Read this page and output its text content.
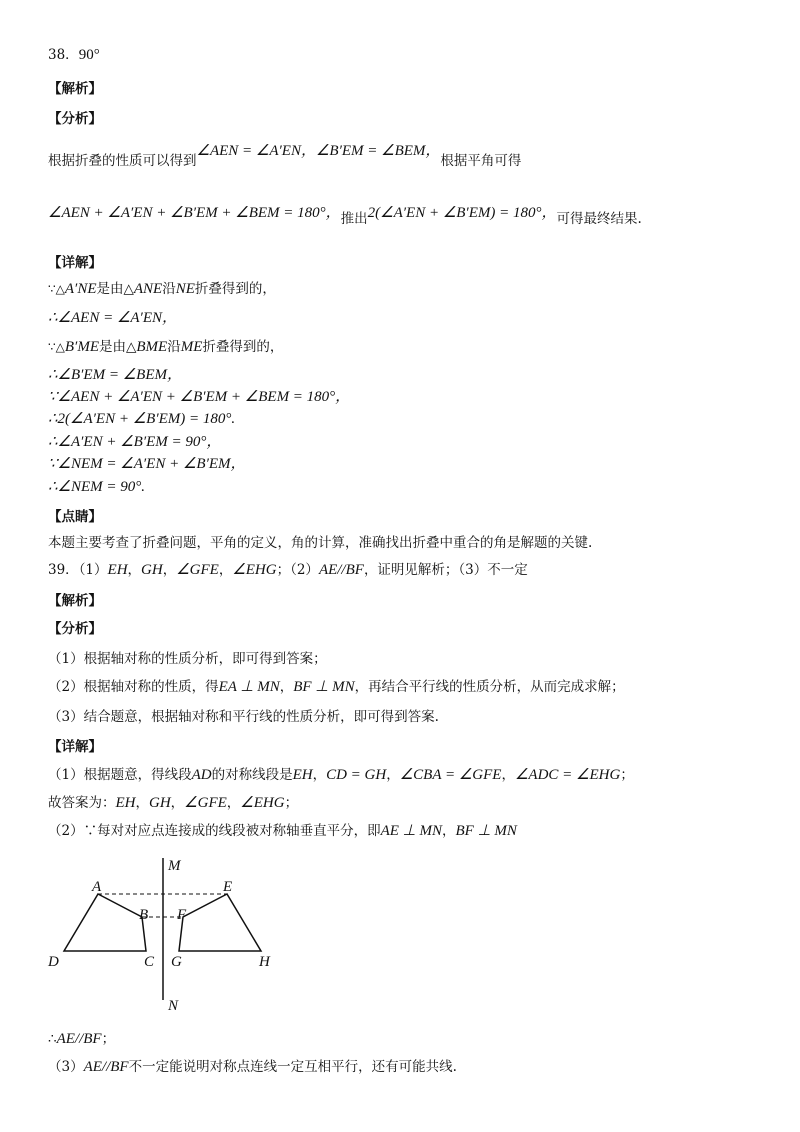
38．90°
【解析】
【分析】
根据折叠的性质可以得到∠AEN = ∠A′EN，∠B′EM = ∠BEM，根据平角可得
∠AEN + ∠A′EN + ∠B′EM + ∠BEM = 180°，推出2(∠A′EN + ∠B′EM) = 180°，可得最终结果.
【详解】
∵△A′NE是由△ANE沿NE折叠得到的，
∴∠AEN = ∠A′EN，
∵△B′ME是由△BME沿ME折叠得到的，
∴∠B′EM = ∠BEM，
∵∠AEN + ∠A′EN + ∠B′EM + ∠BEM = 180°，
∴2(∠A′EN + ∠B′EM) = 180°.
∴∠A′EN + ∠B′EM = 90°，
∵∠NEM = ∠A′EN + ∠B′EM，
∴∠NEM = 90°.
【点睛】
本题主要考查了折叠问题，平角的定义，角的计算，准确找出折叠中重合的角是解题的关键.
39．（1）EH，GH，∠GFE，∠EHG；（2）AE//BF，证明见解析；（3）不一定
【解析】
【分析】
（1）根据轴对称的性质分析，即可得到答案；
（2）根据轴对称的性质，得EA ⊥ MN，BF ⊥ MN，再结合平行线的性质分析，从而完成求解；
（3）结合题意，根据轴对称和平行线的性质分析，即可得到答案.
【详解】
（1）根据题意，得线段AD的对称线段是EH，CD = GH，∠CBA = ∠GFE，∠ADC = ∠EHG；
故答案为：EH，GH，∠GFE，∠EHG；
（2）∵每对对应点连接成的线段被对称轴垂直平分，即AE ⊥ MN，BF ⊥ MN
M
A	E
B F
D	C G	H
N
∴AE//BF；
（3）AE//BF不一定能说明对称点连线一定互相平行，还有可能共线.
